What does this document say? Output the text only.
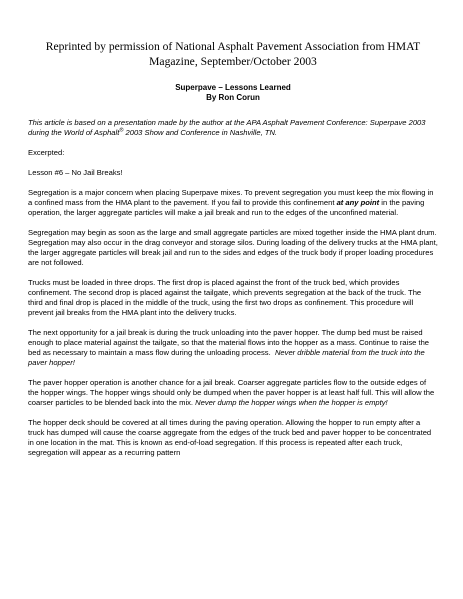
Reprinted by permission of National Asphalt Pavement Association from HMAT
Magazine, September/October 2003
Superpave – Lessons Learned
By Ron Corun

This article is based on a presentation made by the author at the APA Asphalt Pavement Conference: Superpave 2003 during the World of Asphalt® 2003 Show and Conference in Nashville, TN.

Excerpted:

Lesson #6 – No Jail Breaks!

Segregation is a major concern when placing Superpave mixes. To prevent segregation you must keep the mix flowing in a confined mass from the HMA plant to the pavement. If you fail to provide this confinement at any point in the paving operation, the larger aggregate particles will make a jail break and run to the edges of the unconfined material.

Segregation may begin as soon as the large and small aggregate particles are mixed together inside the HMA plant drum. Segregation may also occur in the drag conveyor and storage silos. During loading of the delivery trucks at the HMA plant, the larger aggregate particles will break jail and run to the sides and edges of the truck body if proper loading procedures are not followed.

Trucks must be loaded in three drops. The first drop is placed against the front of the truck bed, which provides confinement. The second drop is placed against the tailgate, which prevents segregation at the back of the truck. The third and final drop is placed in the middle of the truck, using the first two drops as confinement. This procedure will prevent jail breaks from the HMA plant into the delivery trucks.

The next opportunity for a jail break is during the truck unloading into the paver hopper. The dump bed must be raised enough to place material against the tailgate, so that the material flows into the hopper as a mass. Continue to raise the bed as necessary to maintain a mass flow during the unloading process.  Never dribble material from the truck into the paver hopper!

The paver hopper operation is another chance for a jail break. Coarser aggregate particles flow to the outside edges of the hopper wings. The hopper wings should only be dumped when the paver hopper is at least half full. This will allow the coarser particles to be blended back into the mix. Never dump the hopper wings when the hopper is empty!

The hopper deck should be covered at all times during the paving operation. Allowing the hopper to run empty after a truck has dumped will cause the coarse aggregate from the edges of the truck bed and paver hopper to be concentrated in one location in the mat. This is known as end-of-load segregation. If this process is repeated after each truck, segregation will appear as a recurring pattern
